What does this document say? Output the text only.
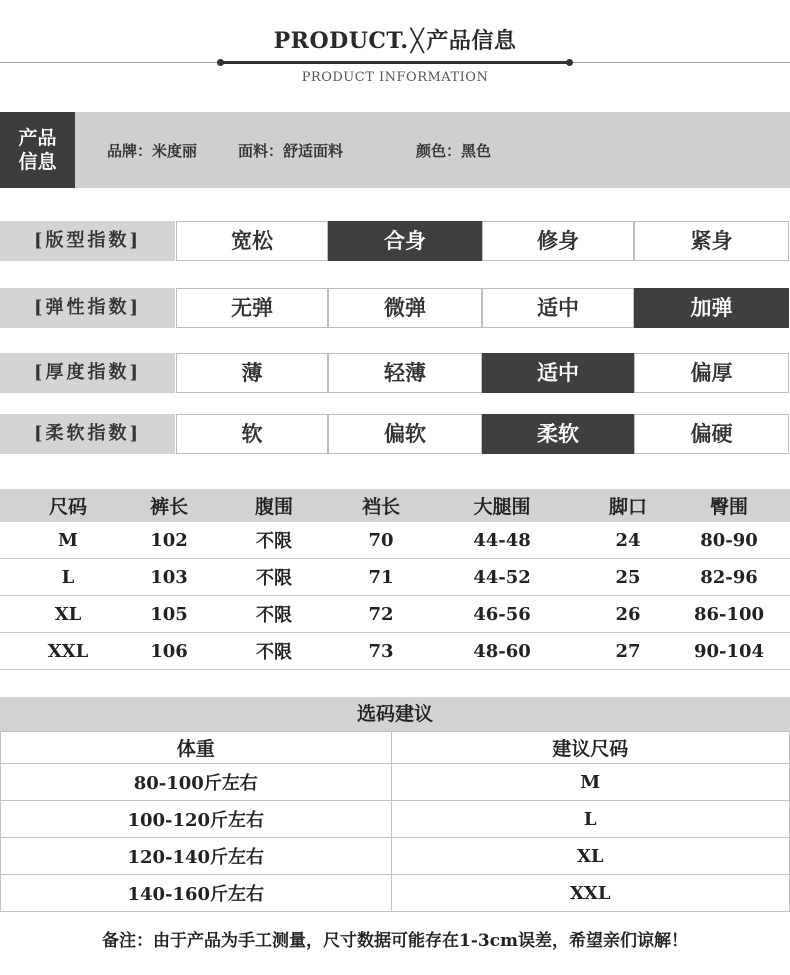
PRODUCT.╳产品信息
PRODUCT INFORMATION
产品
信息	品牌：米度丽	面料：舒适面料	颜色：黑色
[版型指数]	宽松	合身	修身	紧身
[弹性指数]	无弹	微弹	适中	加弹
[厚度指数]	薄	轻薄	适中	偏厚
[柔软指数]	软	偏软	柔软	偏硬
尺码	裤长	腹围	裆长	大腿围	脚口	臀围
M	102	不限	70	44-48	24	80-90
L	103	不限	71	44-52	25	82-96
XL	105	不限	72	46-56	26	86-100
XXL	106	不限	73	48-60	27	90-104
选码建议
体重	建议尺码
80-100斤左右	M
100-120斤左右	L
120-140斤左右	XL
140-160斤左右	XXL
备注：由于产品为手工测量，尺寸数据可能存在1-3cm误差，希望亲们谅解！
